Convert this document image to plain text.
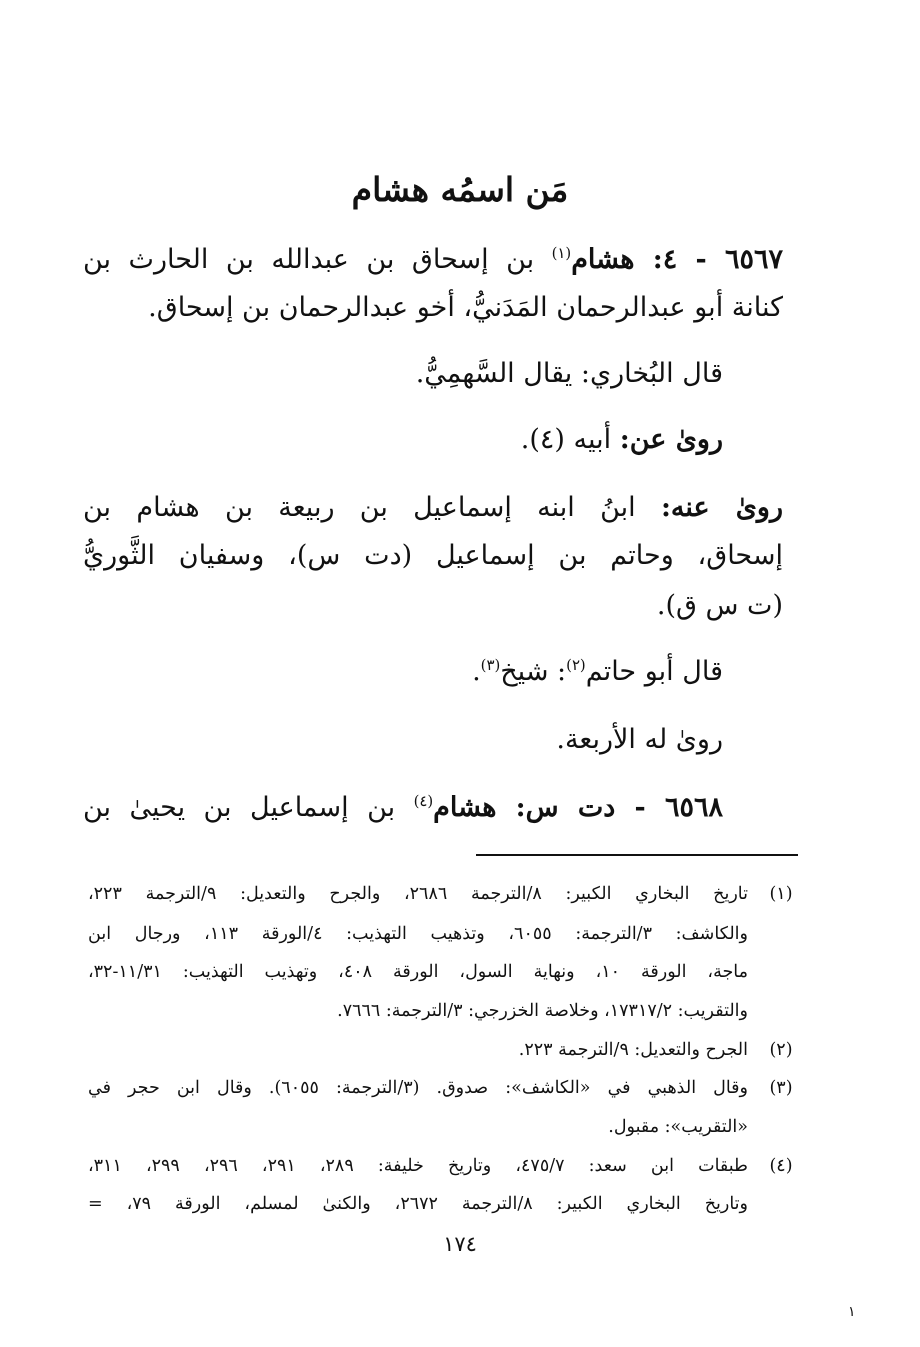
مَن اسمُه هشام
٦٥٦٧ - ٤: هشام$^{(١)}$ بن إسحاق بن عبدالله بن الحارث بن
كنانة أبو عبدالرحمان المَدَنيُّ، أخو عبدالرحمان بن إسحاق.
قال البُخاري: يقال السَّهمِيُّ.
روىٰ عن: أبيه (٤).
روىٰ عنه: ابنُ ابنه إسماعيل بن ربيعة بن هشام بن
إسحاق، وحاتم بن إسماعيل (دت س)، وسفيان الثَّوريُّ
(ت س ق).
قال أبو حاتم$^{(٢)}$: شيخ$^{(٣)}$.
روىٰ له الأربعة.
٦٥٦٨ - دت س: هشام$^{(٤)}$ بن إسماعيل بن يحيىٰ بن
(١)
تاريخ البخاري الكبير: ٨/الترجمة ٢٦٨٦، والجرح والتعديل: ٩/الترجمة ٢٢٣،
والكاشف: ٣/الترجمة: ٦٠٥٥، وتذهيب التهذيب: ٤/الورقة ١١٣، ورجال ابن
ماجة، الورقة ١٠، ونهاية السول، الورقة ٤٠٨، وتهذيب التهذيب: ١١/٣١-٣٢،
والتقريب: ١٧٣١٧/٢، وخلاصة الخزرجي: ٣/الترجمة: ٧٦٦٦.
(٢)
الجرح والتعديل: ٩/الترجمة ٢٢٣.
(٣)
وقال الذهبي في «الكاشف»: صدوق. (٣/الترجمة: ٦٠٥٥). وقال ابن حجر في
«التقريب»: مقبول.
(٤)
طبقات ابن سعد: ٤٧٥/٧، وتاريخ خليفة: ٢٨٩، ٢٩١، ٢٩٦، ٢٩٩، ٣١١،
وتاريخ البخاري الكبير: ٨/الترجمة ٢٦٧٢، والكنىٰ لمسلم، الورقة ٧٩، =
١٧٤
١
